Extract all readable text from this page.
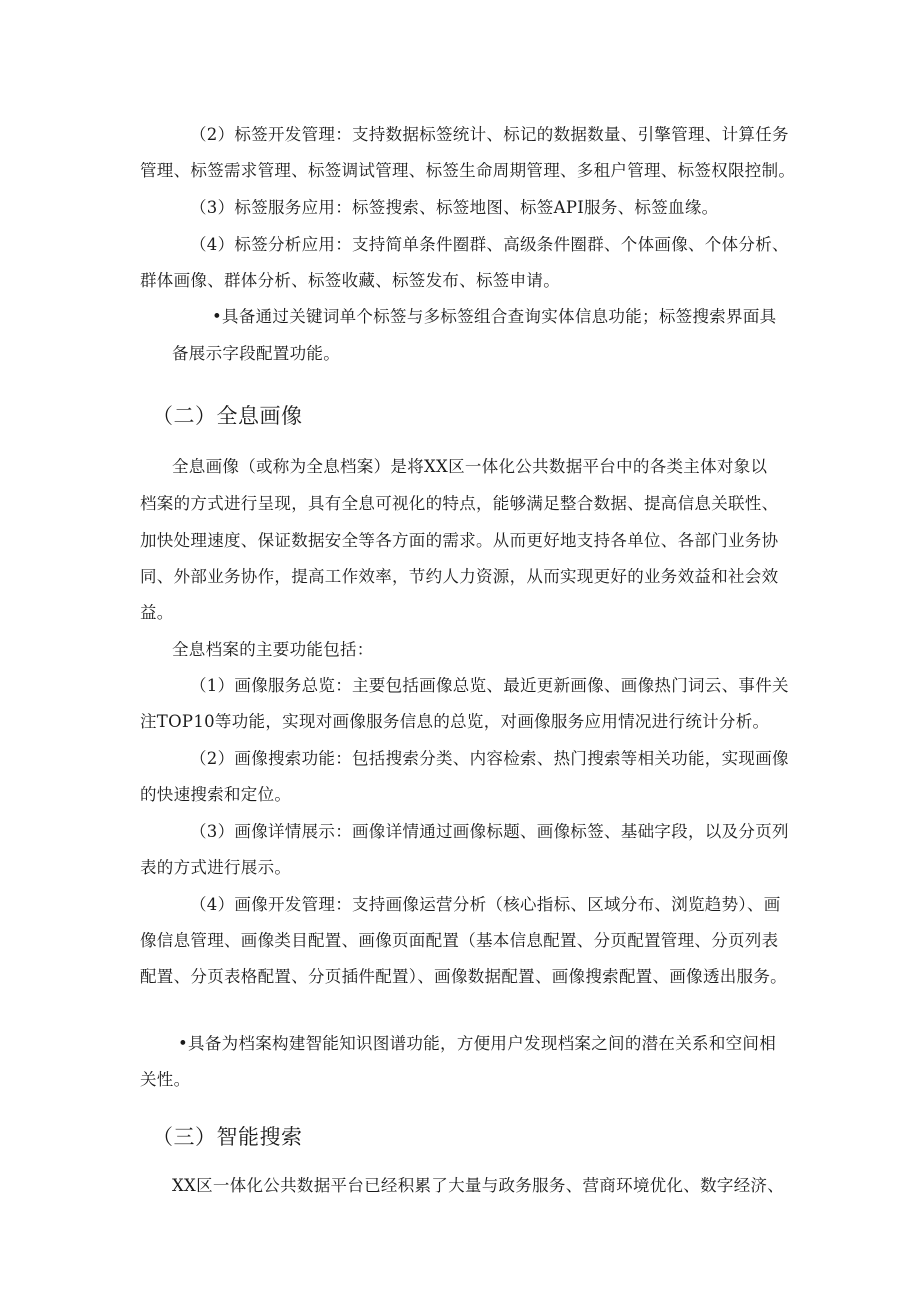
（2）标签开发管理：支持数据标签统计、标记的数据数量、引擎管理、计算任务

管理、标签需求管理、标签调试管理、标签生命周期管理、多租户管理、标签权限控制。

（3）标签服务应用：标签搜索、标签地图、标签API服务、标签血缘。

（4）标签分析应用：支持简单条件圈群、高级条件圈群、个体画像、个体分析、

群体画像、群体分析、标签收藏、标签发布、标签申请。

•具备通过关键词单个标签与多标签组合查询实体信息功能；标签搜索界面具

备展示字段配置功能。

（二）全息画像

全息画像（或称为全息档案）是将XX区一体化公共数据平台中的各类主体对象以

档案的方式进行呈现，具有全息可视化的特点，能够满足整合数据、提高信息关联性、

加快处理速度、保证数据安全等各方面的需求。从而更好地支持各单位、各部门业务协

同、外部业务协作，提高工作效率，节约人力资源，从而实现更好的业务效益和社会效

益。

全息档案的主要功能包括：

（1）画像服务总览：主要包括画像总览、最近更新画像、画像热门词云、事件关

注TOP10等功能，实现对画像服务信息的总览，对画像服务应用情况进行统计分析。

（2）画像搜索功能：包括搜索分类、内容检索、热门搜索等相关功能，实现画像

的快速搜索和定位。

（3）画像详情展示：画像详情通过画像标题、画像标签、基础字段，以及分页列

表的方式进行展示。

（4）画像开发管理：支持画像运营分析（核心指标、区域分布、浏览趋势）、画

像信息管理、画像类目配置、画像页面配置（基本信息配置、分页配置管理、分页列表

配置、分页表格配置、分页插件配置）、画像数据配置、画像搜索配置、画像透出服务。

•具备为档案构建智能知识图谱功能，方便用户发现档案之间的潜在关系和空间相

关性。

（三）智能搜索

XX区一体化公共数据平台已经积累了大量与政务服务、营商环境优化、数字经济、
